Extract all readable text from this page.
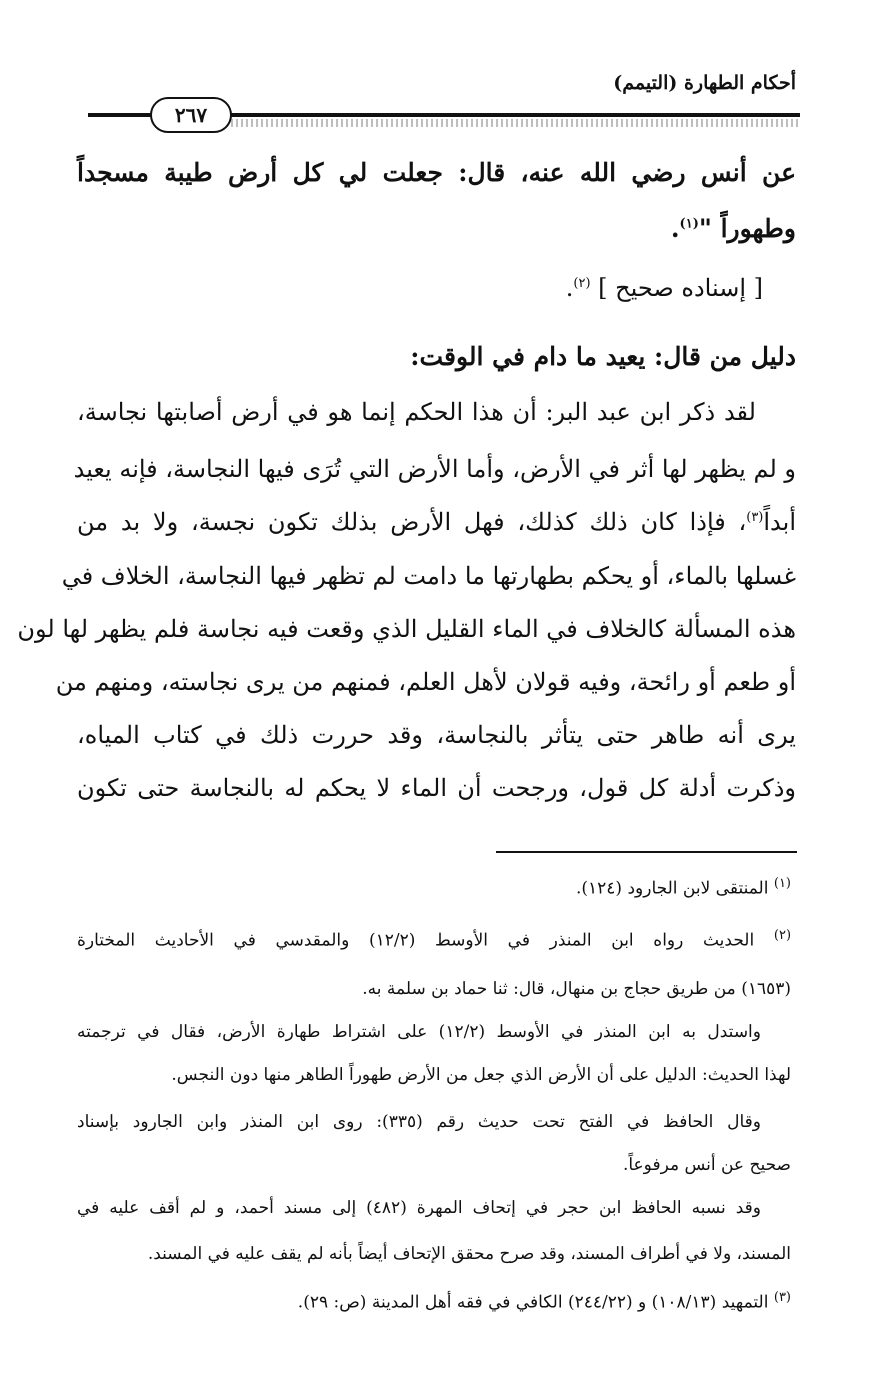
أحكام الطهارة (التيمم)
٢٦٧
عن أنس رضي الله عنه، قال: جعلت لي كل أرض طيبة مسجداً
وطهوراً "$^{(١)}$.
[ إسناده صحيح ] $^{(٢)}$.
دليل من قال: يعيد ما دام في الوقت:
لقد ذكر ابن عبد البر: أن هذا الحكم إنما هو في أرض أصابتها نجاسة،
و لم يظهر لها أثر في الأرض، وأما الأرض التي تُرَى فيها النجاسة، فإنه يعيد
أبداً$^{(٣)}$، فإذا كان ذلك كذلك، فهل الأرض بذلك تكون نجسة، ولا بد من
غسلها بالماء، أو يحكم بطهارتها ما دامت لم تظهر فيها النجاسة، الخلاف في
هذه المسألة كالخلاف في الماء القليل الذي وقعت فيه نجاسة فلم يظهر لها لون
أو طعم أو رائحة، وفيه قولان لأهل العلم، فمنهم من يرى نجاسته، ومنهم من
يرى أنه طاهر حتى يتأثر بالنجاسة، وقد حررت ذلك في كتاب المياه،
وذكرت أدلة كل قول، ورجحت أن الماء لا يحكم له بالنجاسة حتى تكون
$^{(١)}$ المنتقى لابن الجارود (١٢٤).
$^{(٢)}$ الحديث رواه ابن المنذر في الأوسط (١٢/٢) والمقدسي في الأحاديث المختارة
(١٦٥٣) من طريق حجاج بن منهال، قال: ثنا حماد بن سلمة به.
واستدل به ابن المنذر في الأوسط (١٢/٢) على اشتراط طهارة الأرض، فقال في ترجمته
لهذا الحديث: الدليل على أن الأرض الذي جعل من الأرض طهوراً الطاهر منها دون النجس.
وقال الحافظ في الفتح تحت حديث رقم (٣٣٥): روى ابن المنذر وابن الجارود بإسناد
صحيح عن أنس مرفوعاً.
وقد نسبه الحافظ ابن حجر في إتحاف المهرة (٤٨٢) إلى مسند أحمد، و لم أقف عليه في
المسند، ولا في أطراف المسند، وقد صرح محقق الإتحاف أيضاً بأنه لم يقف عليه في المسند.
$^{(٣)}$ التمهيد (١٠٨/١٣) و (٢٤٤/٢٢) الكافي في فقه أهل المدينة (ص: ٢٩).
